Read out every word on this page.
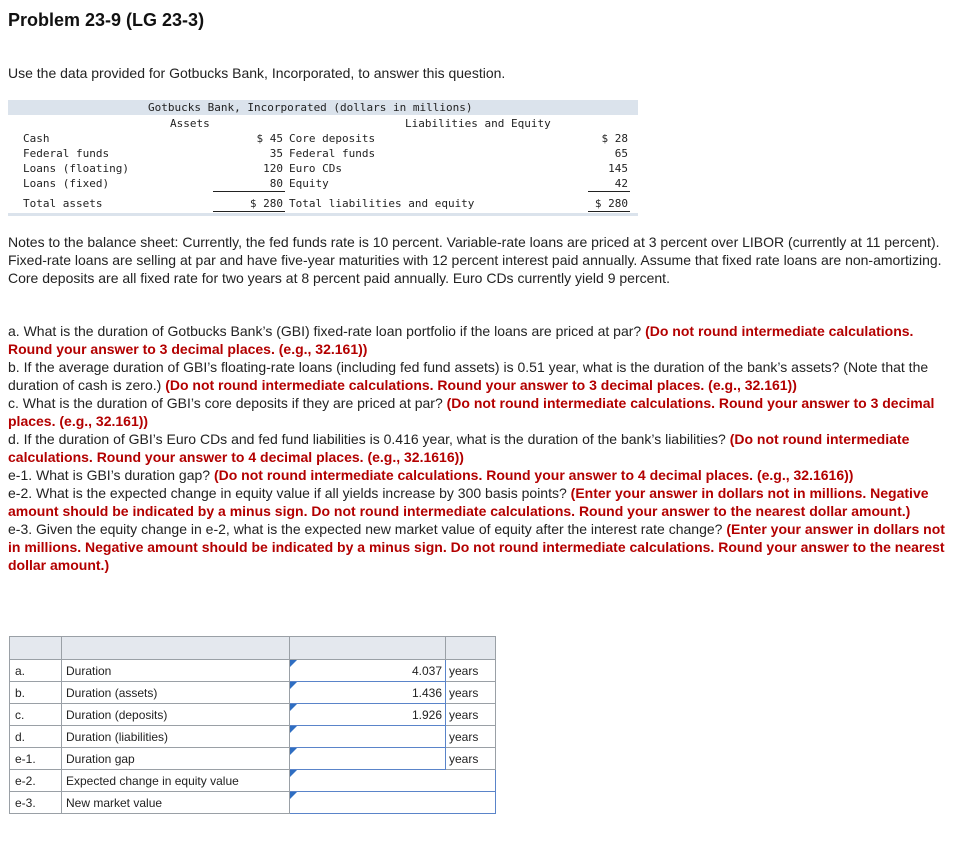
Problem 23-9 (LG 23-3)
Use the data provided for Gotbucks Bank, Incorporated, to answer this question.
Gotbucks Bank, Incorporated (dollars in millions)
Assets	Liabilities and Equity
Cash	$ 45 Core deposits	$ 28
Federal funds	35 Federal funds	65
Loans (floating)	120 Euro CDs	145
Loans (fixed)	80 Equity	42
Total assets	$ 280 Total liabilities and equity	$ 280
Notes to the balance sheet: Currently, the fed funds rate is 10 percent. Variable-rate loans are priced at 3 percent over LIBOR (currently at 11 percent). Fixed-rate loans are selling at par and have five-year maturities with 12 percent interest paid annually. Assume that fixed rate loans are non-amortizing. Core deposits are all fixed rate for two years at 8 percent paid annually. Euro CDs currently yield 9 percent.

a. What is the duration of Gotbucks Bank’s (GBI) fixed-rate loan portfolio if the loans are priced at par? (Do not round intermediate calculations. Round your answer to 3 decimal places. (e.g., 32.161))

b. If the average duration of GBI’s floating-rate loans (including fed fund assets) is 0.51 year, what is the duration of the bank’s assets? (Note that the duration of cash is zero.) (Do not round intermediate calculations. Round your answer to 3 decimal places. (e.g., 32.161))

c. What is the duration of GBI’s core deposits if they are priced at par? (Do not round intermediate calculations. Round your answer to 3 decimal places. (e.g., 32.161))

d. If the duration of GBI’s Euro CDs and fed fund liabilities is 0.416 year, what is the duration of the bank’s liabilities? (Do not round intermediate calculations. Round your answer to 4 decimal places. (e.g., 32.1616))

e-1. What is GBI’s duration gap? (Do not round intermediate calculations. Round your answer to 4 decimal places. (e.g., 32.1616))

e-2. What is the expected change in equity value if all yields increase by 300 basis points? (Enter your answer in dollars not in millions. Negative amount should be indicated by a minus sign. Do not round intermediate calculations. Round your answer to the nearest dollar amount.)

e-3. Given the equity change in e-2, what is the expected new market value of equity after the interest rate change? (Enter your answer in dollars not in millions. Negative amount should be indicated by a minus sign. Do not round intermediate calculations. Round your answer to the nearest dollar amount.)

a.	Duration	4.037	years
b.	Duration (assets)	1.436	years
c.	Duration (deposits)	1.926	years
d.	Duration (liabilities)		years
e-1.	Duration gap		years
e-2.	Expected change in equity value		

e-3.	New market value		
